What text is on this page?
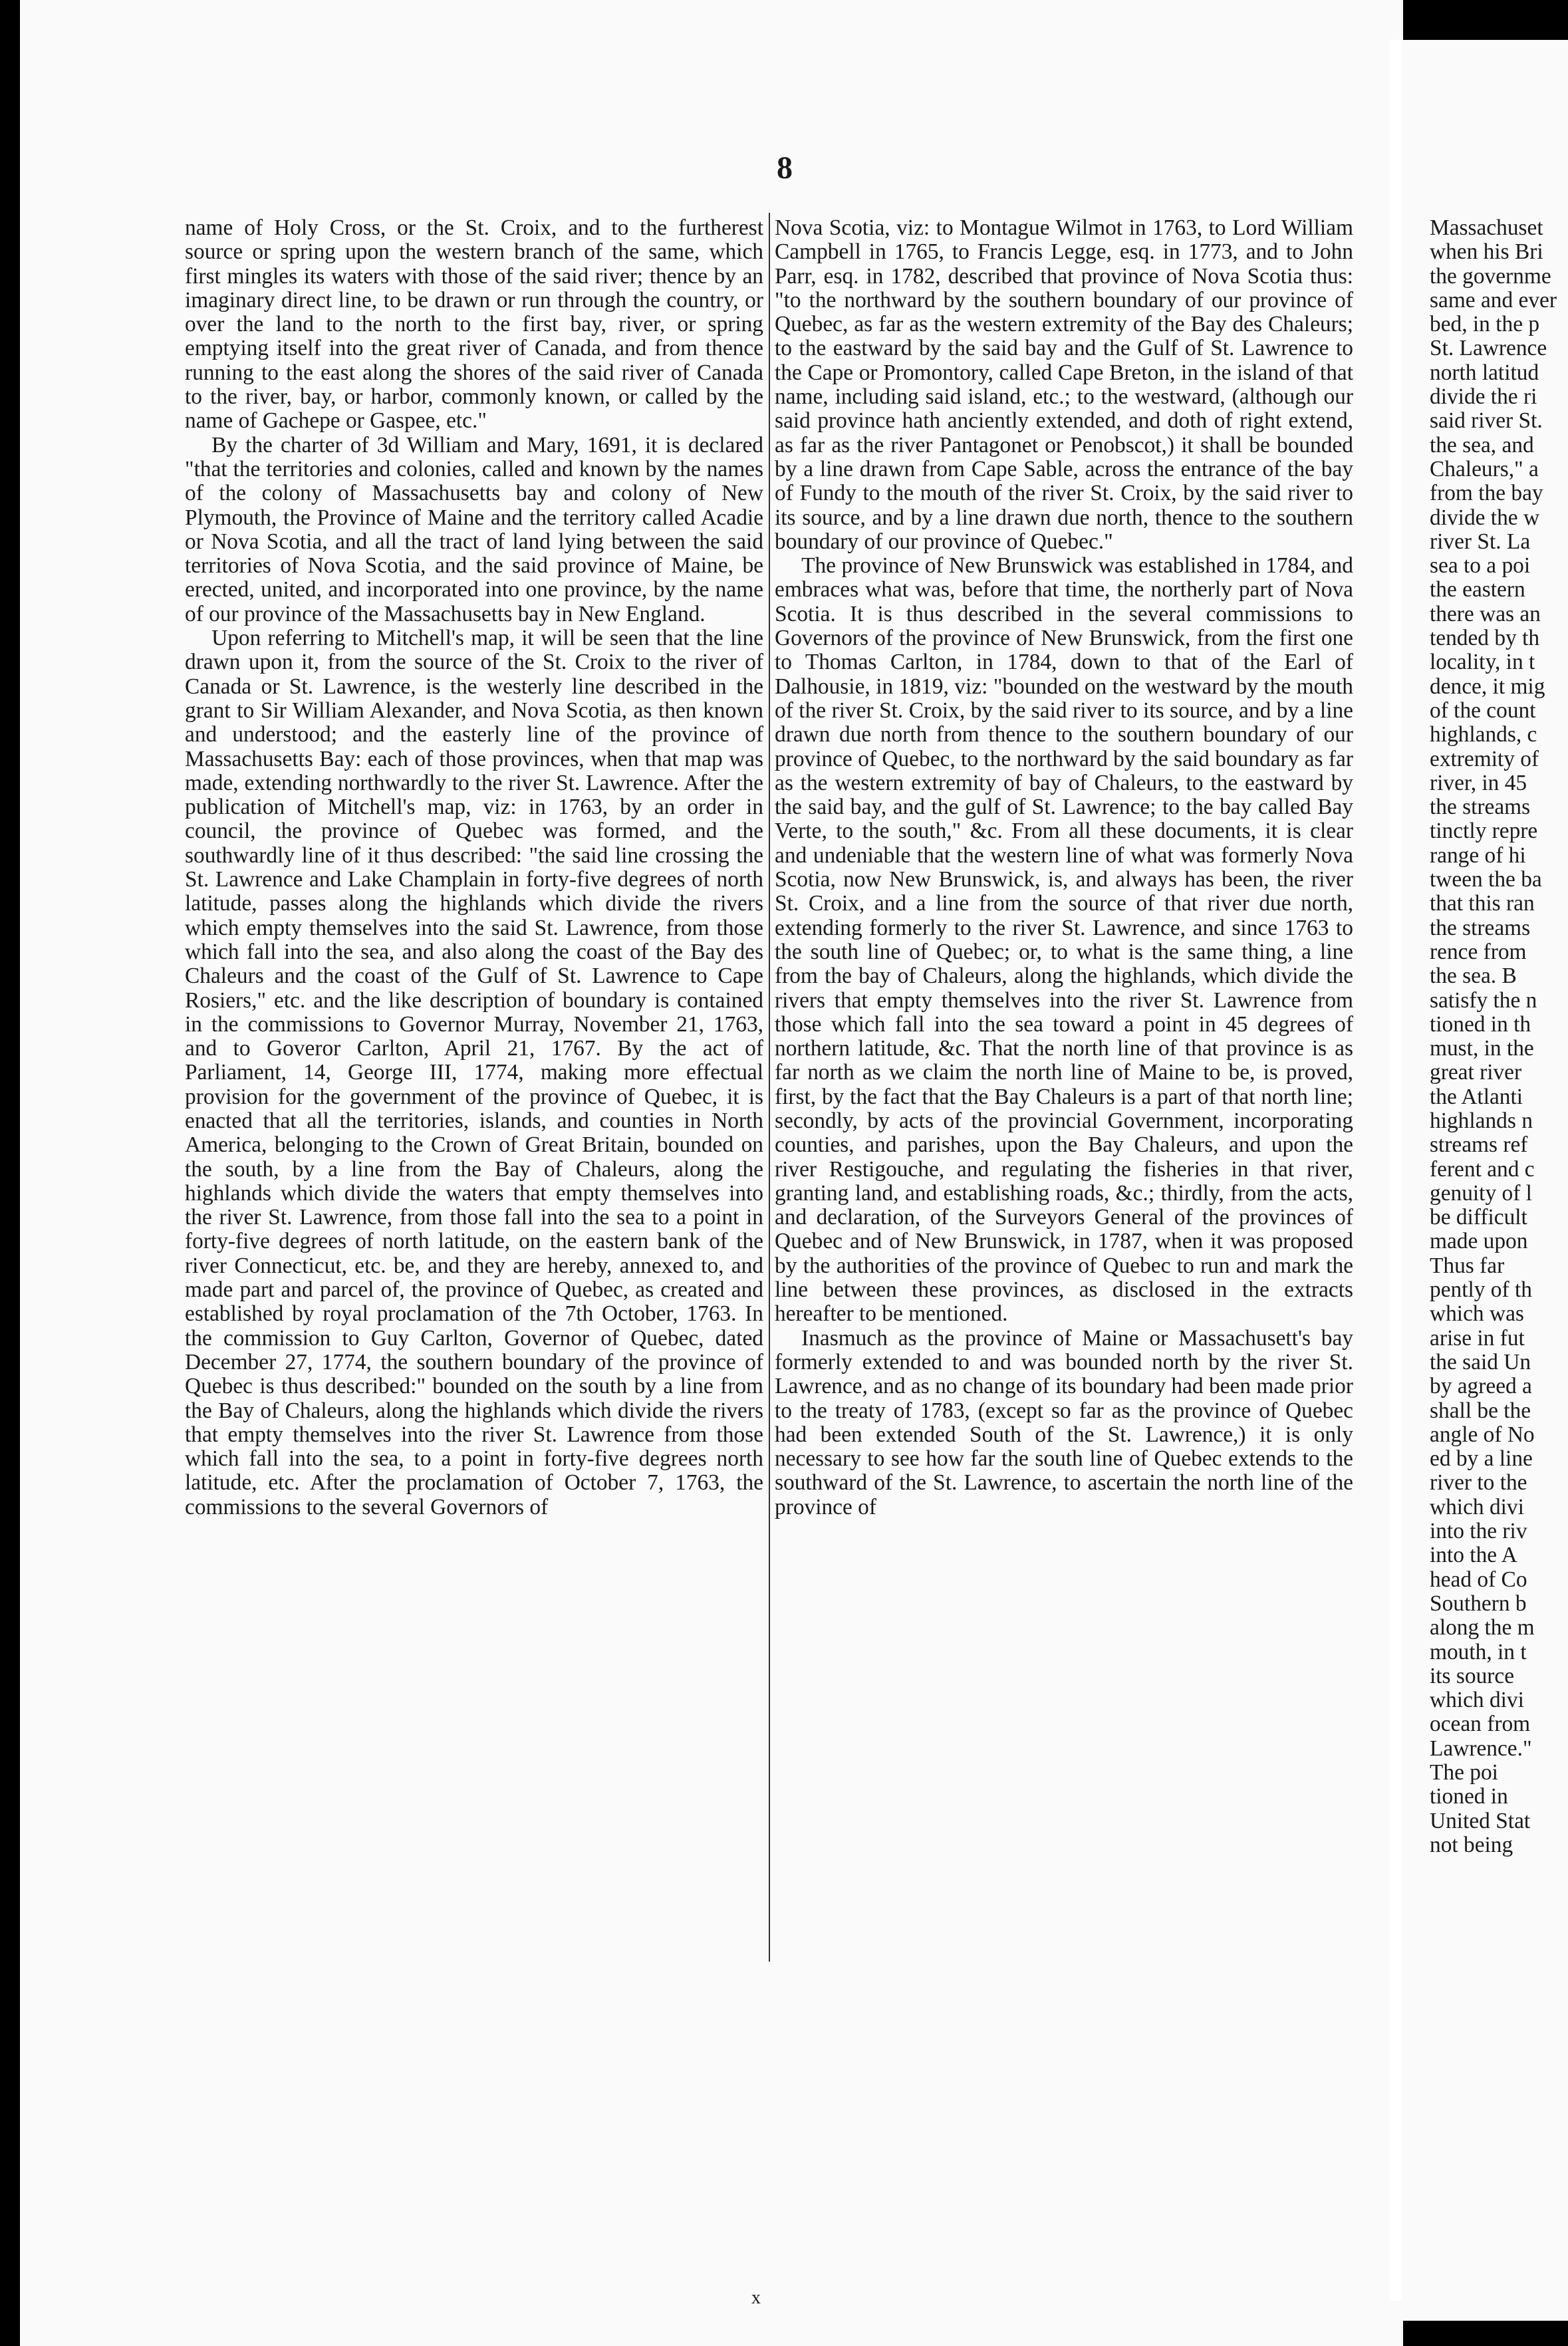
8

name of Holy Cross, or the St. Croix, and to the furtherest source or spring upon the western branch of the same, which first mingles its waters with those of the said river; thence by an imaginary direct line, to be drawn or run through the country, or over the land to the north to the first bay, river, or spring emptying itself into the great river of Canada, and from thence running to the east along the shores of the said river of Canada to the river, bay, or harbor, commonly known, or called by the name of Gachepe or Gaspee, etc."

By the charter of 3d William and Mary, 1691, it is declared "that the territories and colonies, called and known by the names of the colony of Massachusetts bay and colony of New Plymouth, the Province of Maine and the territory called Acadie or Nova Scotia, and all the tract of land lying between the said territories of Nova Scotia, and the said province of Maine, be erected, united, and incorporated into one province, by the name of our province of the Massachusetts bay in New England.

Upon referring to Mitchell's map, it will be seen that the line drawn upon it, from the source of the St. Croix to the river of Canada or St. Lawrence, is the westerly line described in the grant to Sir William Alexander, and Nova Scotia, as then known and understood; and the easterly line of the province of Massachusetts Bay: each of those provinces, when that map was made, extending northwardly to the river St. Lawrence. After the publication of Mitchell's map, viz: in 1763, by an order in council, the province of Quebec was formed, and the southwardly line of it thus described: "the said line crossing the St. Lawrence and Lake Champlain in forty-five degrees of north latitude, passes along the highlands which divide the rivers which empty themselves into the said St. Lawrence, from those which fall into the sea, and also along the coast of the Bay des Chaleurs and the coast of the Gulf of St. Lawrence to Cape Rosiers," etc. and the like description of boundary is contained in the commissions to Governor Murray, November 21, 1763, and to Goveror Carlton, April 21, 1767. By the act of Parliament, 14, George III, 1774, making more effectual provision for the government of the province of Quebec, it is enacted that all the territories, islands, and counties in North America, belonging to the Crown of Great Britain, bounded on the south, by a line from the Bay of Chaleurs, along the highlands which divide the waters that empty themselves into the river St. Lawrence, from those fall into the sea to a point in forty-five degrees of north latitude, on the eastern bank of the river Connecticut, etc. be, and they are hereby, annexed to, and made part and parcel of, the province of Quebec, as created and established by royal proclamation of the 7th October, 1763. In the commission to Guy Carlton, Governor of Quebec, dated December 27, 1774, the southern boundary of the province of Quebec is thus described:" bounded on the south by a line from the Bay of Chaleurs, along the highlands which divide the rivers that empty themselves into the river St. Lawrence from those which fall into the sea, to a point in forty-five degrees north latitude, etc. After the proclamation of October 7, 1763, the commissions to the several Governors of

Nova Scotia, viz: to Montague Wilmot in 1763, to Lord William Campbell in 1765, to Francis Legge, esq. in 1773, and to John Parr, esq. in 1782, described that province of Nova Scotia thus: "to the northward by the southern boundary of our province of Quebec, as far as the western extremity of the Bay des Chaleurs; to the eastward by the said bay and the Gulf of St. Lawrence to the Cape or Promontory, called Cape Breton, in the island of that name, including said island, etc.; to the westward, (although our said province hath anciently extended, and doth of right extend, as far as the river Pantagonet or Penobscot,) it shall be bounded by a line drawn from Cape Sable, across the entrance of the bay of Fundy to the mouth of the river St. Croix, by the said river to its source, and by a line drawn due north, thence to the southern boundary of our province of Quebec."

The province of New Brunswick was established in 1784, and embraces what was, before that time, the northerly part of Nova Scotia. It is thus described in the several commissions to Governors of the province of New Brunswick, from the first one to Thomas Carlton, in 1784, down to that of the Earl of Dalhousie, in 1819, viz: "bounded on the westward by the mouth of the river St. Croix, by the said river to its source, and by a line drawn due north from thence to the southern boundary of our province of Quebec, to the northward by the said boundary as far as the western extremity of bay of Chaleurs, to the eastward by the said bay, and the gulf of St. Lawrence; to the bay called Bay Verte, to the south," &c. From all these documents, it is clear and undeniable that the western line of what was formerly Nova Scotia, now New Brunswick, is, and always has been, the river St. Croix, and a line from the source of that river due north, extending formerly to the river St. Lawrence, and since 1763 to the south line of Quebec; or, to what is the same thing, a line from the bay of Chaleurs, along the highlands, which divide the rivers that empty themselves into the river St. Lawrence from those which fall into the sea toward a point in 45 degrees of northern latitude, &c. That the north line of that province is as far north as we claim the north line of Maine to be, is proved, first, by the fact that the Bay Chaleurs is a part of that north line; secondly, by acts of the provincial Government, incorporating counties, and parishes, upon the Bay Chaleurs, and upon the river Restigouche, and regulating the fisheries in that river, granting land, and establishing roads, &c.; thirdly, from the acts, and declaration, of the Surveyors General of the provinces of Quebec and of New Brunswick, in 1787, when it was proposed by the authorities of the province of Quebec to run and mark the line between these provinces, as disclosed in the extracts hereafter to be mentioned.

Inasmuch as the province of Maine or Massachusett's bay formerly extended to and was bounded north by the river St. Lawrence, and as no change of its boundary had been made prior to the treaty of 1783, (except so far as the province of Quebec had been extended South of the St. Lawrence,) it is only necessary to see how far the south line of Quebec extends to the southward of the St. Lawrence, to ascertain the north line of the province of

Massachuset
when his Bri
the governme
same and ever
bed, in the p
St. Lawrence
north latitud
divide the ri
said river St.
the sea, and
Chaleurs," a
from the bay
divide the w
river St. La
sea to a poi
the eastern
there was an
tended by th
locality, in t
dence, it mig
of the count
highlands, c
extremity of
river, in 45
the streams
tinctly repre
range of hi
tween the ba
that this ran
the streams
rence from
the sea. B
satisfy the n
tioned in th
must, in the
great river
the Atlanti
highlands n
streams ref
ferent and c
genuity of l
be difficult
made upon
Thus far
pently of th
which was
arise in fut
the said Un
by agreed a
shall be the
angle of No
ed by a line
river to the
which divi
into the riv
into the A
head of Co
Southern b
along the m
mouth, in t
its source
which divi
ocean from
Lawrence."
The poi
tioned in
United Stat
not being
x
